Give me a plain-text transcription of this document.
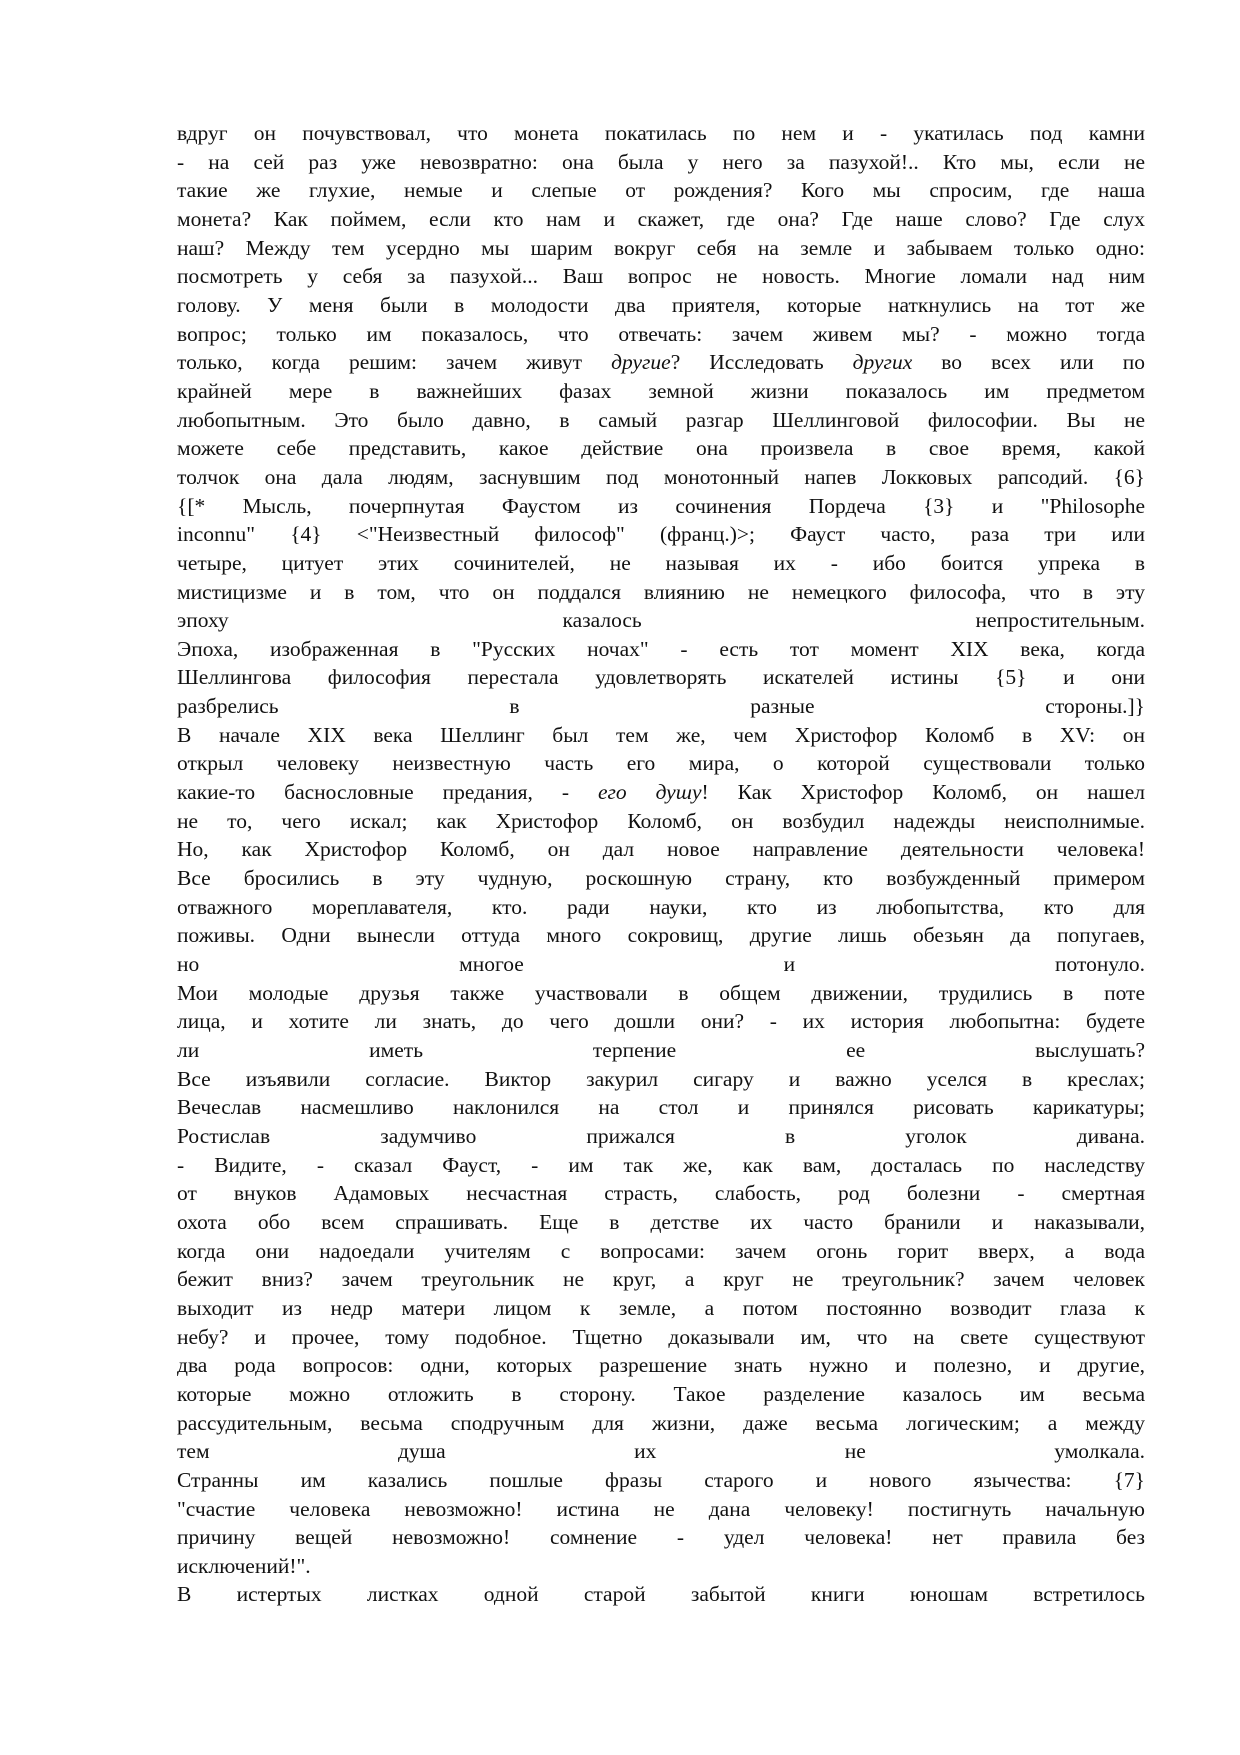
вдруг он почувствовал, что монета покатилась по нем и - укатилась под камни
- на сей раз уже невозвратно: она была у него за пазухой!.. Кто мы, если не
такие же глухие, немые и слепые от рождения? Кого мы спросим, где наша
монета? Как поймем, если кто нам и скажет, где она? Где наше слово? Где слух
наш? Между тем усердно мы шарим вокруг себя на земле и забываем только одно:
посмотреть у себя за пазухой... Ваш вопрос не новость. Многие ломали над ним
голову. У меня были в молодости два приятеля, которые наткнулись на тот же
вопрос; только им показалось, что отвечать: зачем живем мы? - можно тогда
только, когда решим: зачем живут другие? Исследовать других во всех или по
крайней мере в важнейших фазах земной жизни показалось им предметом
любопытным. Это было давно, в самый разгар Шеллинговой философии. Вы не
можете себе представить, какое действие она произвела в свое время, какой
толчок она дала людям, заснувшим под монотонный напев Локковых рапсодий. {6}
{[* Мысль, почерпнутая Фаустом из сочинения Пордеча {3} и "Philosophe
inconnu" {4} <"Неизвестный философ" (франц.)>; Фауст часто, раза три или
четыре, цитует этих сочинителей, не называя их - ибо боится упрека в
мистицизме и в том, что он поддался влиянию не немецкого философа, что в эту
эпоху казалось непростительным.
Эпоха, изображенная в "Русских ночах" - есть тот момент XIX века, когда
Шеллингова философия перестала удовлетворять искателей истины {5} и они
разбрелись в разные стороны.]}
В начале XIX века Шеллинг был тем же, чем Христофор Коломб в XV: он
открыл человеку неизвестную часть его мира, о которой существовали только
какие-то баснословные предания, - его душу! Как Христофор Коломб, он нашел
не то, чего искал; как Христофор Коломб, он возбудил надежды неисполнимые.
Но, как Христофор Коломб, он дал новое направление деятельности человека!
Все бросились в эту чудную, роскошную страну, кто возбужденный примером
отважного мореплавателя, кто. ради науки, кто из любопытства, кто для
поживы. Одни вынесли оттуда много сокровищ, другие лишь обезьян да попугаев,
но многое и потонуло.
Мои молодые друзья также участвовали в общем движении, трудились в поте
лица, и хотите ли знать, до чего дошли они? - их история любопытна: будете
ли иметь терпение ее выслушать?
Все изъявили согласие. Виктор закурил сигару и важно уселся в креслах;
Вечеслав насмешливо наклонился на стол и принялся рисовать карикатуры;
Ростислав задумчиво прижался в уголок дивана.
- Видите, - сказал Фауст, - им так же, как вам, досталась по наследству
от внуков Адамовых несчастная страсть, слабость, род болезни - смертная
охота обо всем спрашивать. Еще в детстве их часто бранили и наказывали,
когда они надоедали учителям с вопросами: зачем огонь горит вверх, а вода
бежит вниз? зачем треугольник не круг, а круг не треугольник? зачем человек
выходит из недр матери лицом к земле, а потом постоянно возводит глаза к
небу? и прочее, тому подобное. Тщетно доказывали им, что на свете существуют
два рода вопросов: одни, которых разрешение знать нужно и полезно, и другие,
которые можно отложить в сторону. Такое разделение казалось им весьма
рассудительным, весьма сподручным для жизни, даже весьма логическим; а между
тем душа их не умолкала.
Странны им казались пошлые фразы старого и нового язычества: {7}
"счастие человека невозможно! истина не дана человеку! постигнуть начальную
причину вещей невозможно! сомнение - удел человека! нет правила без
исключений!".
В истертых листках одной старой забытой книги юношам встретилось
